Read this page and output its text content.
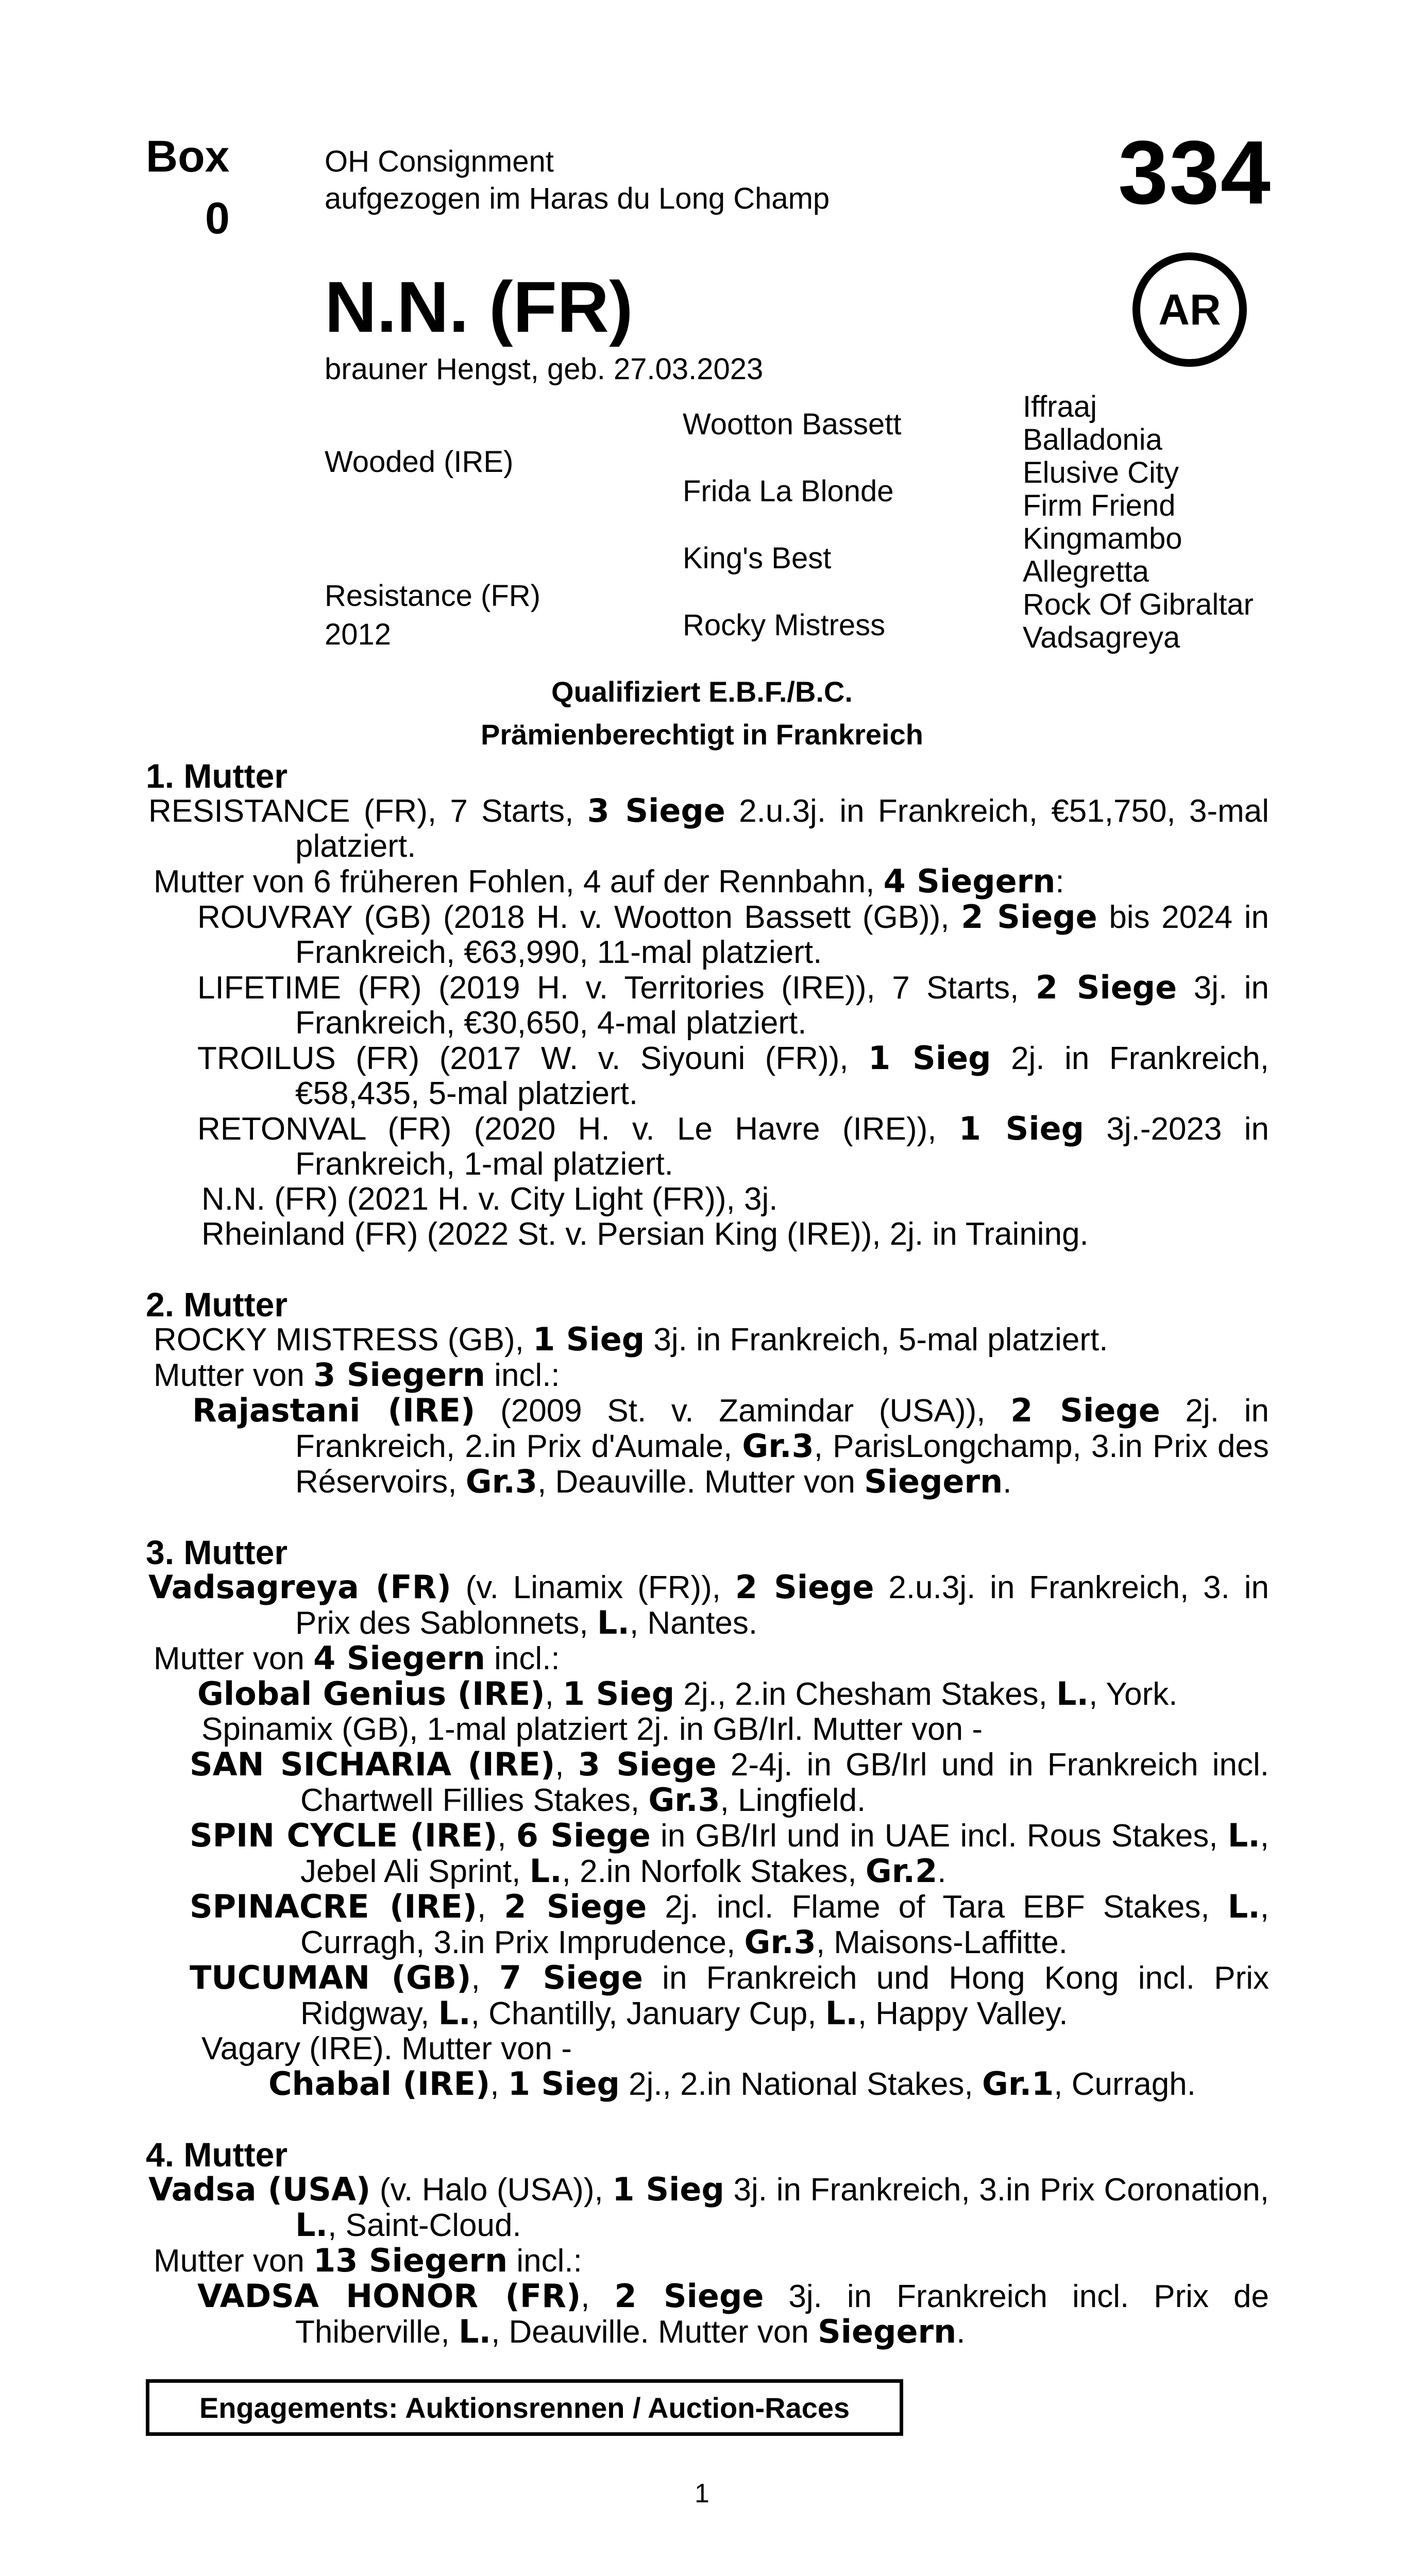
Box
0
OH Consignment
aufgezogen im Haras du Long Champ	334
AR
N.N. (FR)
brauner Hengst, geb. 27.03.2023
Wooded (IRE)
Resistance (FR)
2012
Wootton Bassett
Frida La Blonde
King's Best
Rocky Mistress
Iffraaj
Balladonia
Elusive City
Firm Friend
Kingmambo
Allegretta
Rock Of Gibraltar
Vadsagreya
Qualifiziert E.B.F./B.C.
Prämienberechtigt in Frankreich

1. Mutter

RESISTANCE (FR), 7 Starts, 3 Siege 2.u.3j. in Frankreich, €51,750, 3-mal platziert.

Mutter von 6 früheren Fohlen, 4 auf der Rennbahn, 4 Siegern:

ROUVRAY (GB) (2018 H. v. Wootton Bassett (GB)), 2 Siege bis 2024 in Frankreich, €63,990, 11-mal platziert.

LIFETIME (FR) (2019 H. v. Territories (IRE)), 7 Starts, 2 Siege 3j. in Frankreich, €30,650, 4-mal platziert.

TROILUS (FR) (2017 W. v. Siyouni (FR)), 1 Sieg 2j. in Frankreich, €58,435, 5-mal platziert.

RETONVAL (FR) (2020 H. v. Le Havre (IRE)), 1 Sieg 3j.-2023 in Frankreich, 1-mal platziert.

N.N. (FR) (2021 H. v. City Light (FR)), 3j.

Rheinland (FR) (2022 St. v. Persian King (IRE)), 2j. in Training.

2. Mutter

ROCKY MISTRESS (GB), 1 Sieg 3j. in Frankreich, 5-mal platziert.

Mutter von 3 Siegern incl.:

Rajastani (IRE) (2009 St. v. Zamindar (USA)), 2 Siege 2j. in Frankreich, 2.in Prix d'Aumale, Gr.3, ParisLongchamp, 3.in Prix des Réservoirs, Gr.3, Deauville. Mutter von Siegern.

3. Mutter

Vadsagreya (FR) (v. Linamix (FR)), 2 Siege 2.u.3j. in Frankreich, 3. in Prix des Sablonnets, L., Nantes.

Mutter von 4 Siegern incl.:

Global Genius (IRE), 1 Sieg 2j., 2.in Chesham Stakes, L., York.

Spinamix (GB), 1-mal platziert 2j. in GB/Irl. Mutter von -

SAN SICHARIA (IRE), 3 Siege 2-4j. in GB/Irl und in Frankreich incl. Chartwell Fillies Stakes, Gr.3, Lingfield.

SPIN CYCLE (IRE), 6 Siege in GB/Irl und in UAE incl. Rous Stakes, L., Jebel Ali Sprint, L., 2.in Norfolk Stakes, Gr.2.

SPINACRE (IRE), 2 Siege 2j. incl. Flame of Tara EBF Stakes, L., Curragh, 3.in Prix Imprudence, Gr.3, Maisons-Laffitte.

TUCUMAN (GB), 7 Siege in Frankreich und Hong Kong incl. Prix Ridgway, L., Chantilly, January Cup, L., Happy Valley.

Vagary (IRE). Mutter von -

Chabal (IRE), 1 Sieg 2j., 2.in National Stakes, Gr.1, Curragh.

4. Mutter

Vadsa (USA) (v. Halo (USA)), 1 Sieg 3j. in Frankreich, 3.in Prix Coronation, L., Saint-Cloud.

Mutter von 13 Siegern incl.:

VADSA HONOR (FR), 2 Siege 3j. in Frankreich incl. Prix de Thiberville, L., Deauville. Mutter von Siegern.

Engagements: Auktionsrennen / Auction-Races
1
